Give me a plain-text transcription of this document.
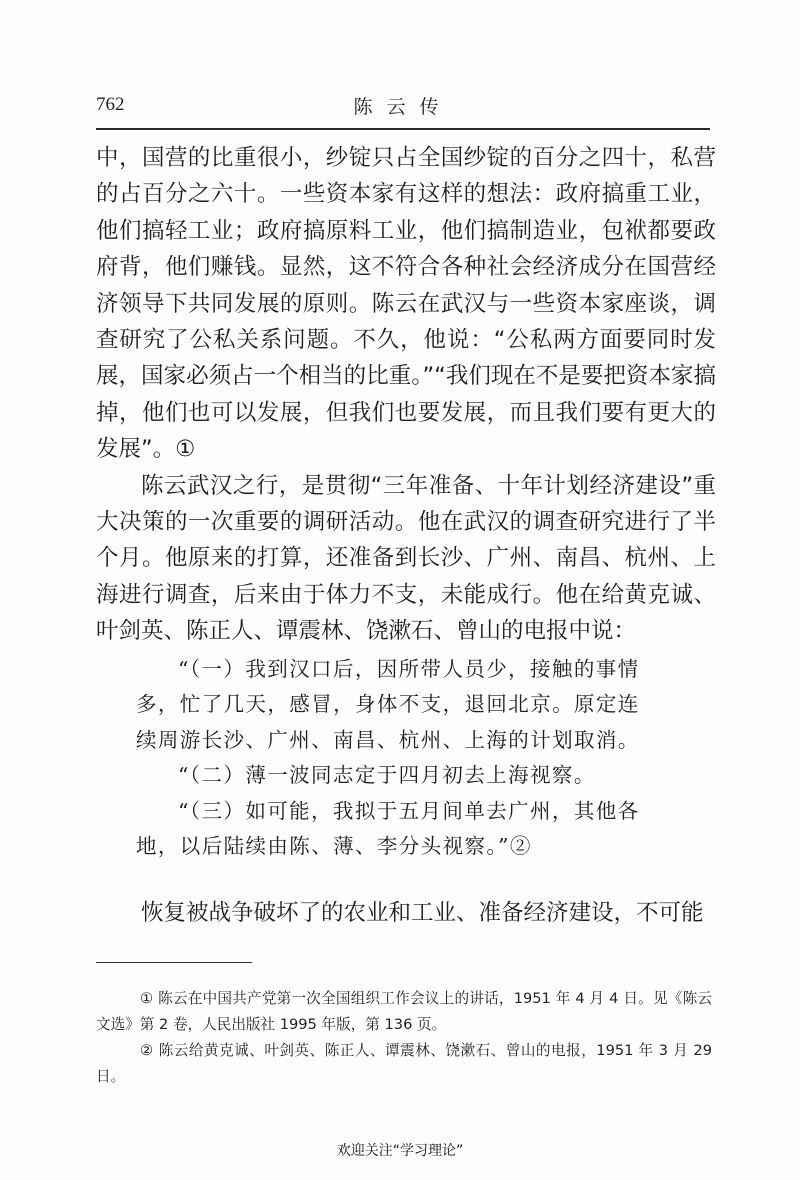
762	陈云传

中，国营的比重很小，纱锭只占全国纱锭的百分之四十，私营的占百分之六十。一些资本家有这样的想法：政府搞重工业，他们搞轻工业；政府搞原料工业，他们搞制造业，包袱都要政府背，他们赚钱。显然，这不符合各种社会经济成分在国营经济领导下共同发展的原则。陈云在武汉与一些资本家座谈，调查研究了公私关系问题。不久，他说：“公私两方面要同时发展，国家必须占一个相当的比重。”“我们现在不是要把资本家搞掉，他们也可以发展，但我们也要发展，而且我们要有更大的发展”。①

陈云武汉之行，是贯彻“三年准备、十年计划经济建设”重大决策的一次重要的调研活动。他在武汉的调查研究进行了半个月。他原来的打算，还准备到长沙、广州、南昌、杭州、上海进行调查，后来由于体力不支，未能成行。他在给黄克诚、叶剑英、陈正人、谭震林、饶漱石、曾山的电报中说：

“（一）我到汉口后，因所带人员少，接触的事情多，忙了几天，感冒，身体不支，退回北京。原定连续周游长沙、广州、南昌、杭州、上海的计划取消。

“（二）薄一波同志定于四月初去上海视察。

“（三）如可能，我拟于五月间单去广州，其他各地，以后陆续由陈、薄、李分头视察。”②

恢复被战争破坏了的农业和工业、准备经济建设，不可能

① 陈云在中国共产党第一次全国组织工作会议上的讲话，1951 年 4 月 4 日。见《陈云文选》第 2 卷，人民出版社 1995 年版，第 136 页。

② 陈云给黄克诚、叶剑英、陈正人、谭震林、饶漱石、曾山的电报，1951 年 3 月 29 日。

欢迎关注“学习理论”
